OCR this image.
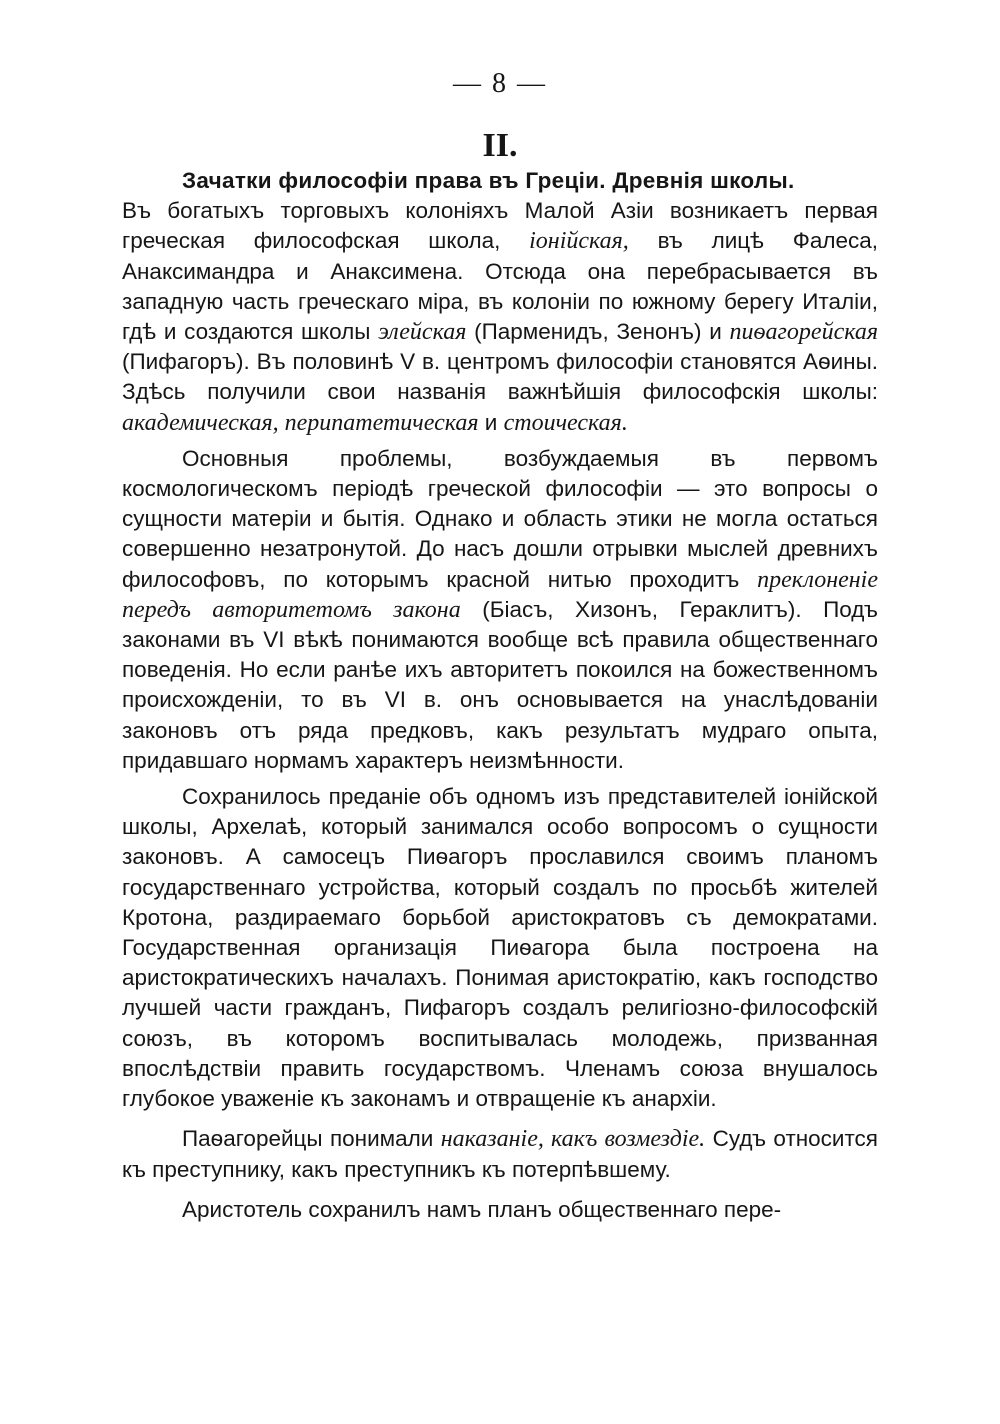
— 8 —
II.

Зачатки философіи права въ Греціи. Древнія школы.

Въ богатыхъ торговыхъ колоніяхъ Малой Азіи возникаетъ первая греческая философская школа, іонійская, въ лицѣ Фалеса, Анаксимандра и Анаксимена. Отсюда она перебрасывается въ западную часть греческаго міра, въ колоніи по южному берегу Италіи, гдѣ и создаются школы элейская (Парменидъ, Зенонъ) и пиѳагорейская (Пифагоръ). Въ половинѣ V в. центромъ философіи становятся Аѳины. Здѣсь получили свои названія важнѣйшія философскія школы: академическая, перипатетическая и стоическая.

Основныя проблемы, возбуждаемыя въ первомъ космологическомъ періодѣ греческой философіи — это вопросы о сущности матеріи и бытія. Однако и область этики не могла остаться совершенно незатронутой. До насъ дошли отрывки мыслей древнихъ философовъ, по которымъ красной нитью проходитъ преклоненіе передъ авторитетомъ закона (Біасъ, Хизонъ, Гераклитъ). Подъ законами въ VI вѣкѣ понимаются вообще всѣ правила общественнаго поведенія. Но если ранѣе ихъ авторитетъ покоился на божественномъ происхожденіи, то въ VI в. онъ основывается на унаслѣдованіи законовъ отъ ряда предковъ, какъ результатъ мудраго опыта, придавшаго нормамъ характеръ неизмѣнности.

Сохранилось преданіе объ одномъ изъ представителей іонійской школы, Архелаѣ, который занимался особо вопросомъ о сущности законовъ. А самосецъ Пиѳагоръ прославился своимъ планомъ государственнаго устройства, который создалъ по просьбѣ жителей Кротона, раздираемаго борьбой аристократовъ съ демократами. Государственная организація Пиѳагора была построена на аристократическихъ началахъ. Понимая аристократію, какъ господство лучшей части гражданъ, Пифагоръ создалъ религіозно-философскій союзъ, въ которомъ воспитывалась молодежь, призванная впослѣдствіи править государствомъ. Членамъ союза внушалось глубокое уваженіе къ законамъ и отвращеніе къ анархіи.

Паѳагорейцы понимали наказаніе, какъ возмездіе. Судъ относится къ преступнику, какъ преступникъ къ потерпѣвшему.

Аристотель сохранилъ намъ планъ общественнаго пере-
